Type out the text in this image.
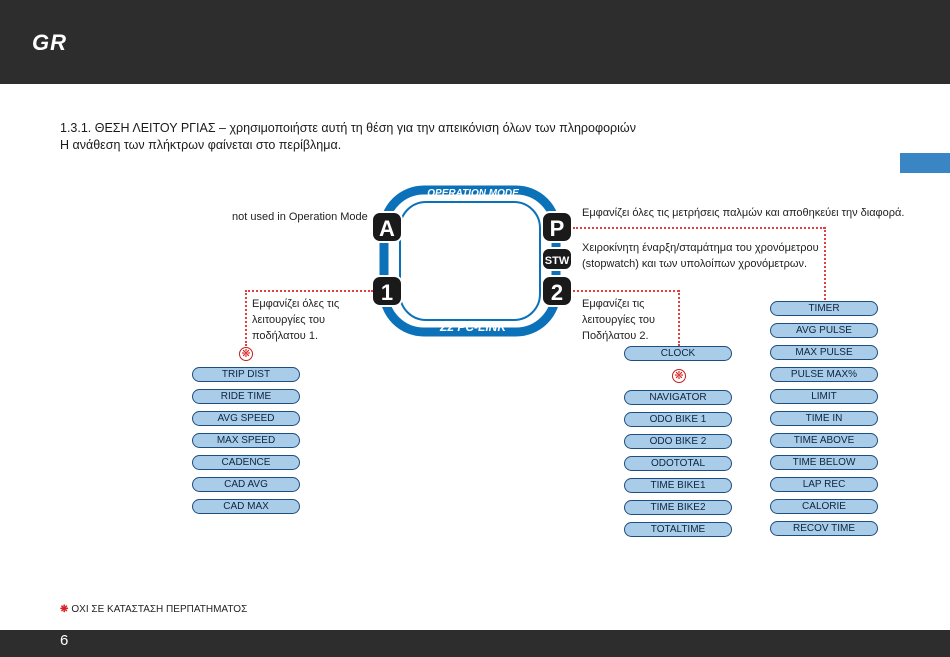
GR
1.3.1. ΘΕΣΗ ΛΕΙΤΟΥ ΡΓΙΑΣ – χρησιμοποιήστε αυτή τη θέση για την απεικόνιση όλων των πληροφοριών
Η ανάθεση των πλήκτρων φαίνεται στο περίβλημα.
OPERATION MODE
Z2 PC-LINK
A	P
STW
1	2
not used in Operation Mode	Εμφανίζει όλες τις μετρήσεις παλμών και αποθηκεύει την διαφορά.
Χειροκίνητη έναρξη/σταμάτημα του χρονόμετρου
(stopwatch) και των υπολοίπων χρονόμετρων.
Εμφανίζει όλες τις
λειτουργίες του
ποδήλατου 1.
Εμφανίζει τις
λειτουργίες του
Ποδήλατου 2.
❋
❋
TRIP DIST
RIDE TIME
AVG SPEED
MAX SPEED
CADENCE
CAD AVG
CAD MAX
CLOCK
NAVIGATOR
ODO BIKE 1
ODO BIKE 2
ODOTOTAL
TIME BIKE1
TIME BIKE2
TOTALTIME
TIMER
AVG PULSE
MAX PULSE
PULSE MAX%
LIMIT
TIME IN
TIME ABOVE
TIME BELOW
LAP REC
CALORIE
RECOV TIME
❋ ΟΧΙ ΣΕ ΚΑΤΑΣΤΑΣΗ ΠΕΡΠΑΤΗΜΑΤΟΣ
6
